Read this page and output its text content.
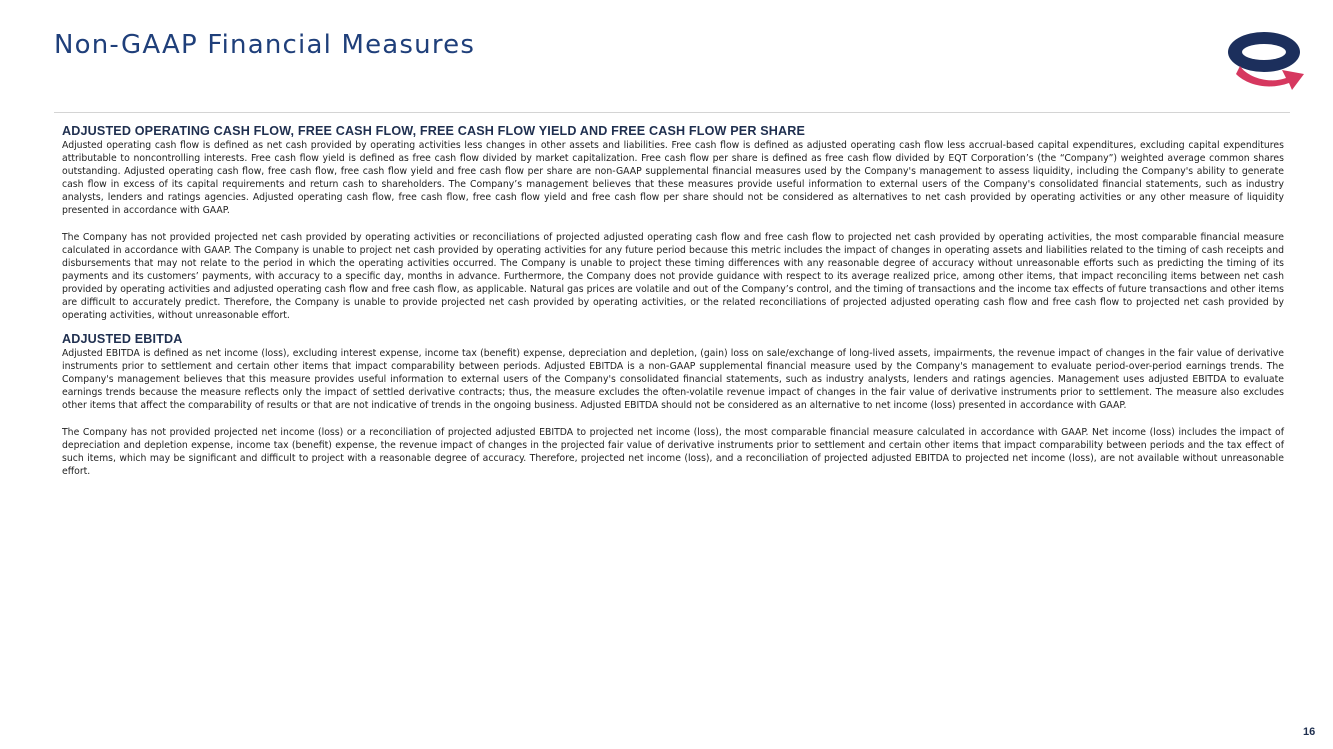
Non-GAAP Financial Measures
ADJUSTED OPERATING CASH FLOW, FREE CASH FLOW, FREE CASH FLOW YIELD AND FREE CASH FLOW PER SHARE

Adjusted operating cash flow is defined as net cash provided by operating activities less changes in other assets and liabilities. Free cash flow is defined as adjusted operating cash flow less accrual-based capital expenditures, excluding capital expenditures attributable to noncontrolling interests. Free cash flow yield is defined as free cash flow divided by market capitalization. Free cash flow per share is defined as free cash flow divided by EQT Corporation’s (the “Company”) weighted average common shares outstanding. Adjusted operating cash flow, free cash flow, free cash flow yield and free cash flow per share are non-GAAP supplemental financial measures used by the Company's management to assess liquidity, including the Company's ability to generate cash flow in excess of its capital requirements and return cash to shareholders. The Company’s management believes that these measures provide useful information to external users of the Company's consolidated financial statements, such as industry analysts, lenders and ratings agencies. Adjusted operating cash flow, free cash flow, free cash flow yield and free cash flow per share should not be considered as alternatives to net cash provided by operating activities or any other measure of liquidity presented in accordance with GAAP.

The Company has not provided projected net cash provided by operating activities or reconciliations of projected adjusted operating cash flow and free cash flow to projected net cash provided by operating activities, the most comparable financial measure calculated in accordance with GAAP. The Company is unable to project net cash provided by operating activities for any future period because this metric includes the impact of changes in operating assets and liabilities related to the timing of cash receipts and disbursements that may not relate to the period in which the operating activities occurred. The Company is unable to project these timing differences with any reasonable degree of accuracy without unreasonable efforts such as predicting the timing of its payments and its customers’ payments, with accuracy to a specific day, months in advance. Furthermore, the Company does not provide guidance with respect to its average realized price, among other items, that impact reconciling items between net cash provided by operating activities and adjusted operating cash flow and free cash flow, as applicable. Natural gas prices are volatile and out of the Company’s control, and the timing of transactions and the income tax effects of future transactions and other items are difficult to accurately predict. Therefore, the Company is unable to provide projected net cash provided by operating activities, or the related reconciliations of projected adjusted operating cash flow and free cash flow to projected net cash provided by operating activities, without unreasonable effort.

ADJUSTED EBITDA

Adjusted EBITDA is defined as net income (loss), excluding interest expense, income tax (benefit) expense, depreciation and depletion, (gain) loss on sale/exchange of long-lived assets, impairments, the revenue impact of changes in the fair value of derivative instruments prior to settlement and certain other items that impact comparability between periods. Adjusted EBITDA is a non-GAAP supplemental financial measure used by the Company's management to evaluate period-over-period earnings trends. The Company's management believes that this measure provides useful information to external users of the Company's consolidated financial statements, such as industry analysts, lenders and ratings agencies. Management uses adjusted EBITDA to evaluate earnings trends because the measure reflects only the impact of settled derivative contracts; thus, the measure excludes the often-volatile revenue impact of changes in the fair value of derivative instruments prior to settlement. The measure also excludes other items that affect the comparability of results or that are not indicative of trends in the ongoing business. Adjusted EBITDA should not be considered as an alternative to net income (loss) presented in accordance with GAAP.

The Company has not provided projected net income (loss) or a reconciliation of projected adjusted EBITDA to projected net income (loss), the most comparable financial measure calculated in accordance with GAAP. Net income (loss) includes the impact of depreciation and depletion expense, income tax (benefit) expense, the revenue impact of changes in the projected fair value of derivative instruments prior to settlement and certain other items that impact comparability between periods and the tax effect of such items, which may be significant and difficult to project with a reasonable degree of accuracy. Therefore, projected net income (loss), and a reconciliation of projected adjusted EBITDA to projected net income (loss), are not available without unreasonable effort.

16
